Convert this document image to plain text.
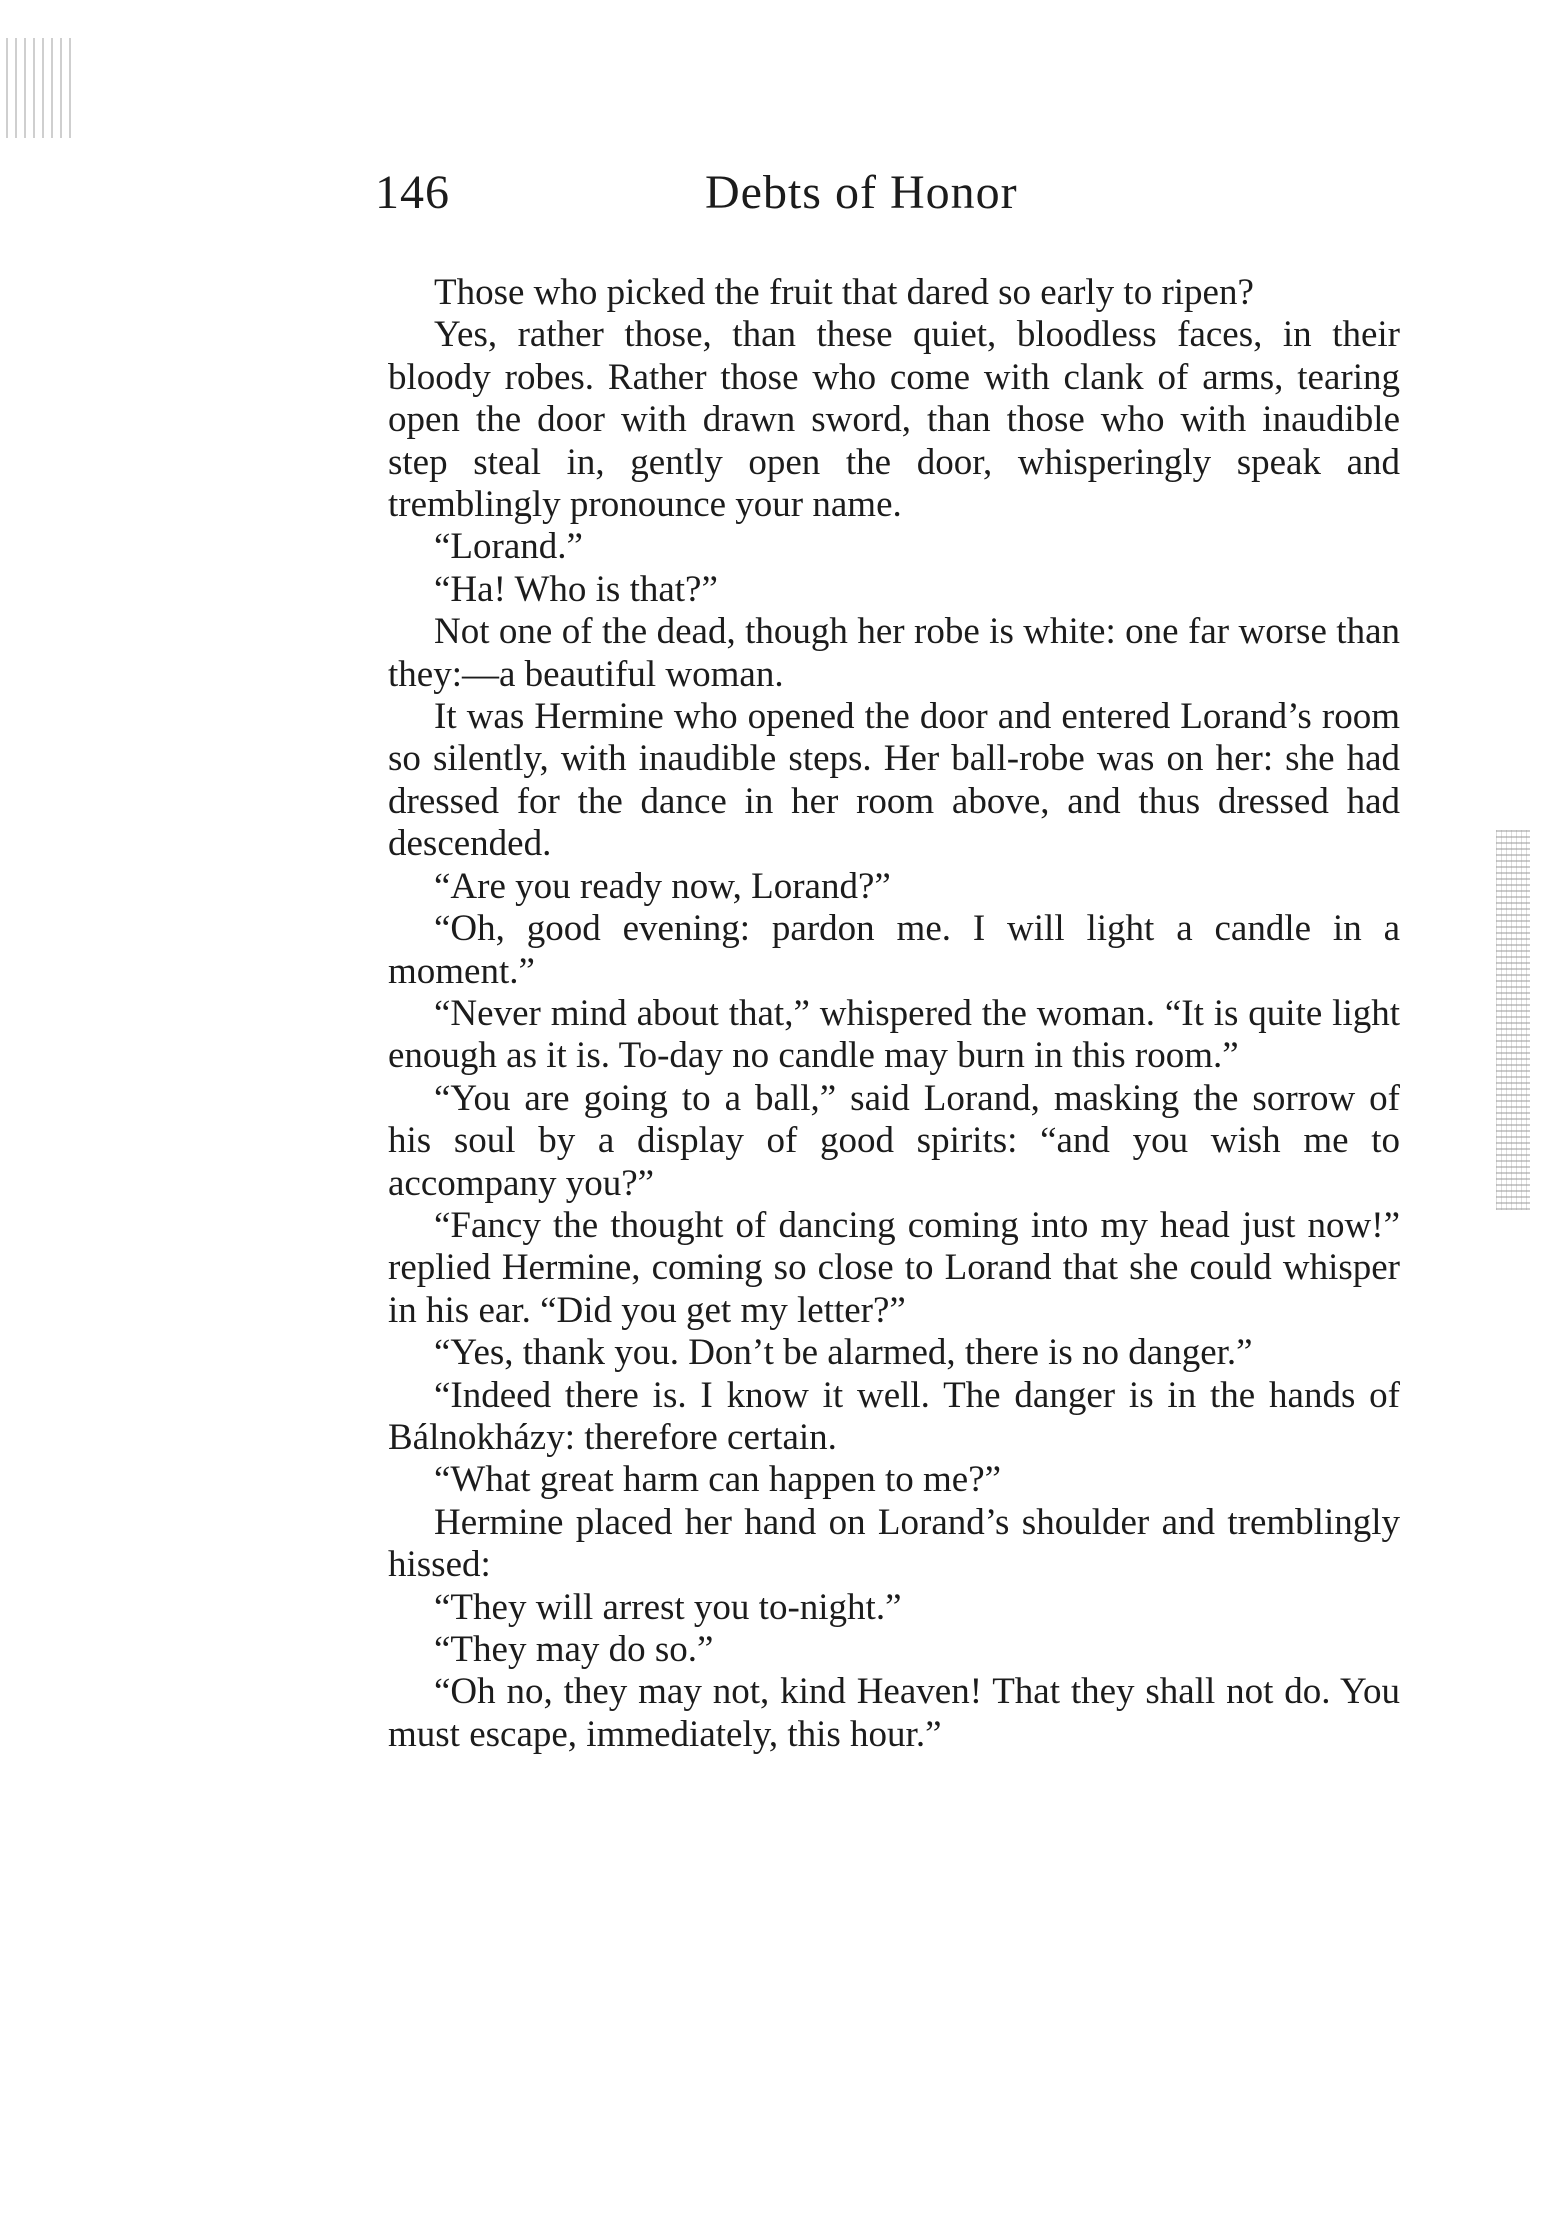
146	Debts of Honor

Those who picked the fruit that dared so early to ripen?

Yes, rather those, than these quiet, bloodless faces, in their bloody robes. Rather those who come with clank of arms, tearing open the door with drawn sword, than those who with inaudible step steal in, gently open the door, whisperingly speak and tremblingly pronounce your name.

“Lorand.”

“Ha! Who is that?”

Not one of the dead, though her robe is white: one far worse than they:—a beautiful woman.

It was Hermine who opened the door and entered Lorand’s room so silently, with inaudible steps. Her ball-robe was on her: she had dressed for the dance in her room above, and thus dressed had descended.

“Are you ready now, Lorand?”

“Oh, good evening: pardon me. I will light a candle in a moment.”

“Never mind about that,” whispered the woman. “It is quite light enough as it is. To-day no candle may burn in this room.”

“You are going to a ball,” said Lorand, masking the sorrow of his soul by a display of good spirits: “and you wish me to accompany you?”

“Fancy the thought of dancing coming into my head just now!” replied Hermine, coming so close to Lorand that she could whisper in his ear. “Did you get my letter?”

“Yes, thank you. Don’t be alarmed, there is no danger.”

“Indeed there is. I know it well. The danger is in the hands of Bálnokházy: therefore certain.

“What great harm can happen to me?”

Hermine placed her hand on Lorand’s shoulder and tremblingly hissed:

“They will arrest you to-night.”

“They may do so.”

“Oh no, they may not, kind Heaven! That they shall not do. You must escape, immediately, this hour.”
